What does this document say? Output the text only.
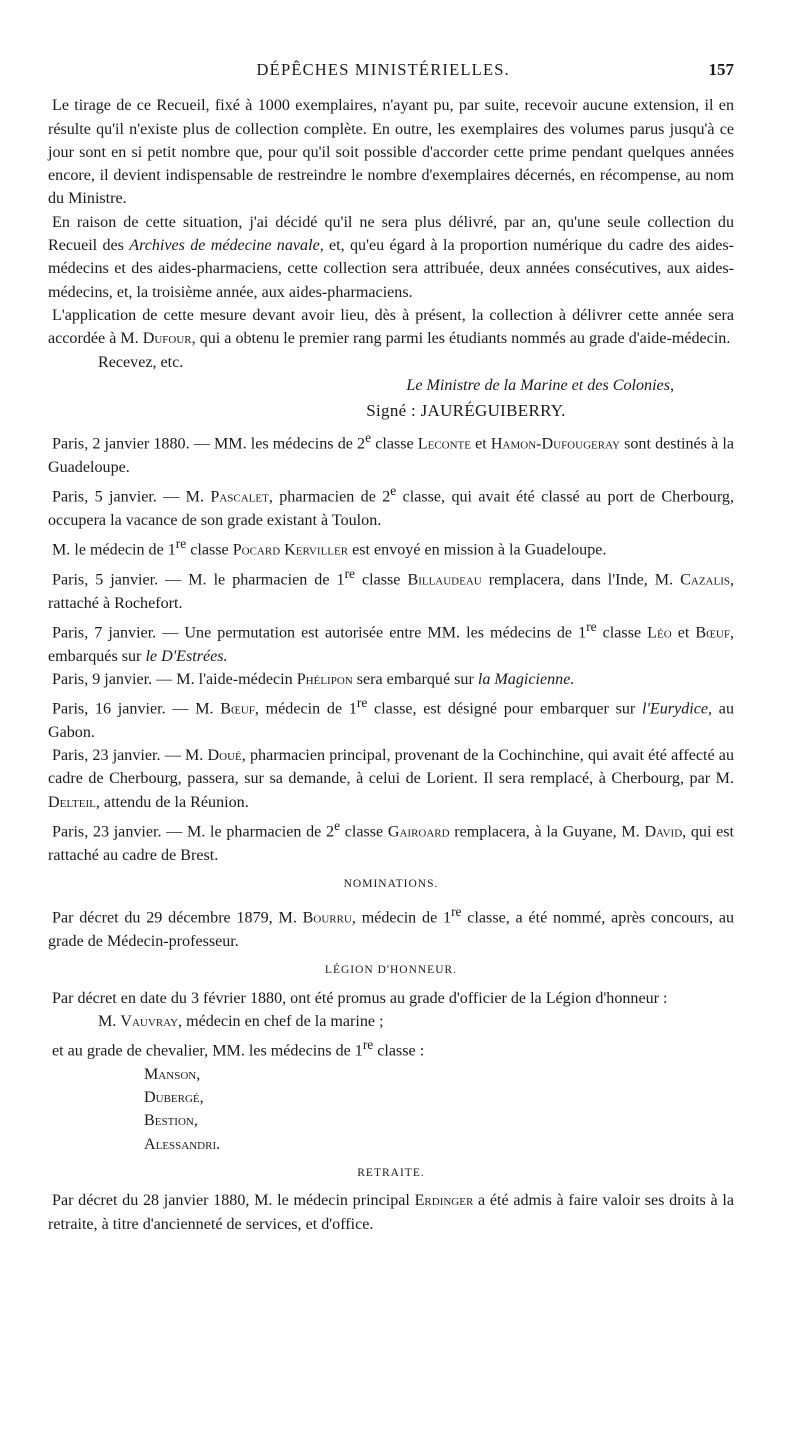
DÉPÊCHES MINISTÉRIELLES.	157

Le tirage de ce Recueil, fixé à 1000 exemplaires, n'ayant pu, par suite, recevoir aucune extension, il en résulte qu'il n'existe plus de collection complète. En outre, les exemplaires des volumes parus jusqu'à ce jour sont en si petit nombre que, pour qu'il soit possible d'accorder cette prime pendant quelques années encore, il devient indispensable de restreindre le nombre d'exemplaires décernés, en récompense, au nom du Ministre.

En raison de cette situation, j'ai décidé qu'il ne sera plus délivré, par an, qu'une seule collection du Recueil des Archives de médecine navale, et, qu'eu égard à la proportion numérique du cadre des aides-médecins et des aides-pharmaciens, cette collection sera attribuée, deux années consécutives, aux aides-médecins, et, la troisième année, aux aides-pharmaciens.

L'application de cette mesure devant avoir lieu, dès à présent, la collection à délivrer cette année sera accordée à M. Dufour, qui a obtenu le premier rang parmi les étudiants nommés au grade d'aide-médecin.

Recevez, etc.

Le Ministre de la Marine et des Colonies,

Signé : JAURÉGUIBERRY.

Paris, 2 janvier 1880. — MM. les médecins de 2e classe Leconte et Hamon-Dufougeray sont destinés à la Guadeloupe.

Paris, 5 janvier. — M. Pascalet, pharmacien de 2e classe, qui avait été classé au port de Cherbourg, occupera la vacance de son grade existant à Toulon.

M. le médecin de 1re classe Pocard Kerviller est envoyé en mission à la Guadeloupe.

Paris, 5 janvier. — M. le pharmacien de 1re classe Billaudeau remplacera, dans l'Inde, M. Cazalis, rattaché à Rochefort.

Paris, 7 janvier. — Une permutation est autorisée entre MM. les médecins de 1re classe Léo et Bœuf, embarqués sur le D'Estrées.

Paris, 9 janvier. — M. l'aide-médecin Phélipon sera embarqué sur la Magicienne.

Paris, 16 janvier. — M. Bœuf, médecin de 1re classe, est désigné pour embarquer sur l'Eurydice, au Gabon.

Paris, 23 janvier. — M. Doué, pharmacien principal, provenant de la Cochinchine, qui avait été affecté au cadre de Cherbourg, passera, sur sa demande, à celui de Lorient. Il sera remplacé, à Cherbourg, par M. Delteil, attendu de la Réunion.

Paris, 23 janvier. — M. le pharmacien de 2e classe Gairoard remplacera, à la Guyane, M. David, qui est rattaché au cadre de Brest.

NOMINATIONS.

Par décret du 29 décembre 1879, M. Bourru, médecin de 1re classe, a été nommé, après concours, au grade de Médecin-professeur.

LÉGION D'HONNEUR.

Par décret en date du 3 février 1880, ont été promus au grade d'officier de la Légion d'honneur :

M. Vauvray, médecin en chef de la marine ;

et au grade de chevalier, MM. les médecins de 1re classe :

Manson,
Dubergé,
Bestion,
Alessandri.
RETRAITE.

Par décret du 28 janvier 1880, M. le médecin principal Erdinger a été admis à faire valoir ses droits à la retraite, à titre d'ancienneté de services, et d'office.
